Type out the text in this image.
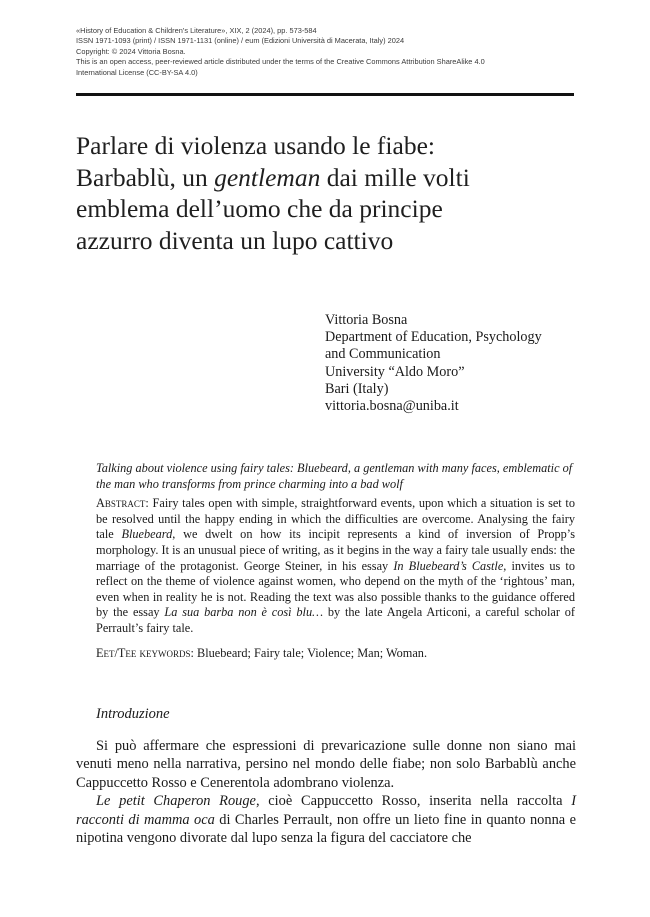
«History of Education & Children’s Literature», XIX, 2 (2024), pp. 573-584
ISSN 1971-1093 (print) / ISSN 1971-1131 (online) / eum (Edizioni Università di Macerata, Italy) 2024
Copyright: © 2024 Vittoria Bosna.
This is an open access, peer-reviewed article distributed under the terms of the Creative Commons Attribution ShareAlike 4.0
International License (CC-BY-SA 4.0)
Parlare di violenza usando le fiabe:
Barbablù, un gentleman dai mille volti
emblema dell’uomo che da principe
azzurro diventa un lupo cattivo
Vittoria Bosna
Department of Education, Psychology
and Communication
University “Aldo Moro”
Bari (Italy)
vittoria.bosna@uniba.it

Talking about violence using fairy tales: Bluebeard, a gentleman with many faces, emblematic of the man who transforms from prince charming into a bad wolf

Abstract: Fairy tales open with simple, straightforward events, upon which a situation is set to be resolved until the happy ending in which the difficulties are overcome. Analysing the fairy tale Bluebeard, we dwelt on how its incipit represents a kind of inversion of Propp’s morphology. It is an unusual piece of writing, as it begins in the way a fairy tale usually ends: the marriage of the protagonist. George Steiner, in his essay In Bluebeard’s Castle, invites us to reflect on the theme of violence against women, who depend on the myth of the ‘rightous’ man, even when in reality he is not. Reading the text was also possible thanks to the guidance offered by the essay La sua barba non è così blu… by the late Angela Articoni, a careful scholar of Perrault’s fairy tale.

Eet/Tee keywords: Bluebeard; Fairy tale; Violence; Man; Woman.

Introduzione

Si può affermare che espressioni di prevaricazione sulle donne non siano mai venuti meno nella narrativa, persino nel mondo delle fiabe; non solo Barbablù anche Cappuccetto Rosso e Cenerentola adombrano violenza.

Le petit Chaperon Rouge, cioè Cappuccetto Rosso, inserita nella raccolta I racconti di mamma oca di Charles Perrault, non offre un lieto fine in quanto nonna e nipotina vengono divorate dal lupo senza la figura del cacciatore che
